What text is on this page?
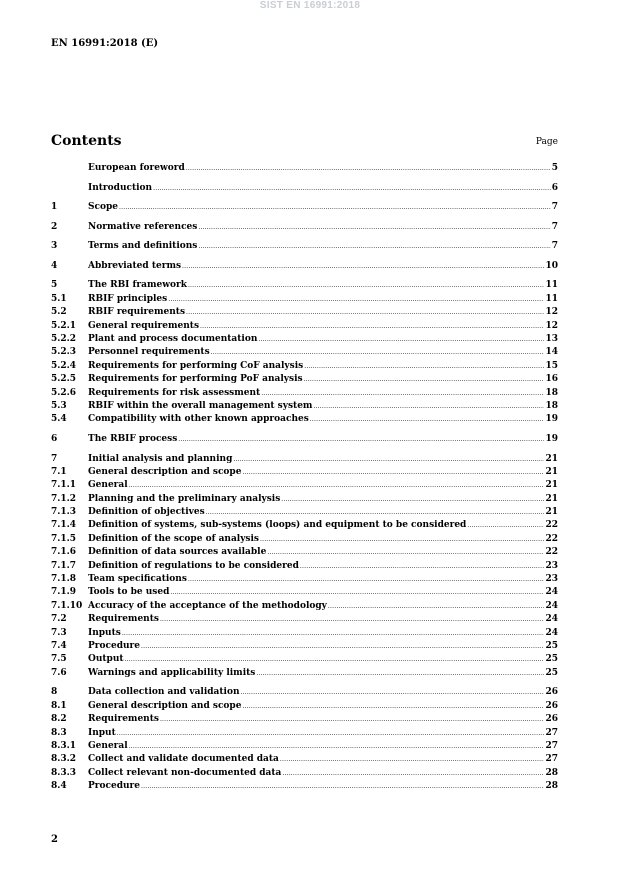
SIST EN 16991:2018
EN 16991:2018 (E)
Contents	Page
European foreword .....	5
Introduction .....	6
1	Scope .....	7
2	Normative references .....	7
3	Terms and definitions .....	7
4	Abbreviated terms .....	10
5	The RBI framework .....	11
5.1	RBIF principles .....	11
5.2	RBIF requirements .....	12
5.2.1	General requirements .....	12
5.2.2	Plant and process documentation .....	13
5.2.3	Personnel requirements .....	14
5.2.4	Requirements for performing CoF analysis .....	15
5.2.5	Requirements for performing PoF analysis .....	16
5.2.6	Requirements for risk assessment .....	18
5.3	RBIF within the overall management system .....	18
5.4	Compatibility with other known approaches .....	19
6	The RBIF process .....	19
7	Initial analysis and planning .....	21
7.1	General description and scope .....	21
7.1.1	General .....	21
7.1.2	Planning and the preliminary analysis .....	21
7.1.3	Definition of objectives .....	21
7.1.4	Definition of systems, sub-systems (loops) and equipment to be considered .....	22
7.1.5	Definition of the scope of analysis .....	22
7.1.6	Definition of data sources available .....	22
7.1.7	Definition of regulations to be considered .....	23
7.1.8	Team specifications .....	23
7.1.9	Tools to be used .....	24
7.1.10 Accuracy of the acceptance of the methodology .....	24
7.2	Requirements .....	24
7.3	Inputs .....	24
7.4	Procedure .....	25
7.5	Output .....	25
7.6	Warnings and applicability limits .....	25
8	Data collection and validation .....	26
8.1	General description and scope .....	26
8.2	Requirements .....	26
8.3	Input .....	27
8.3.1	General .....	27
8.3.2	Collect and validate documented data .....	27
8.3.3	Collect relevant non-documented data .....	28
8.4	Procedure .....	28
2
